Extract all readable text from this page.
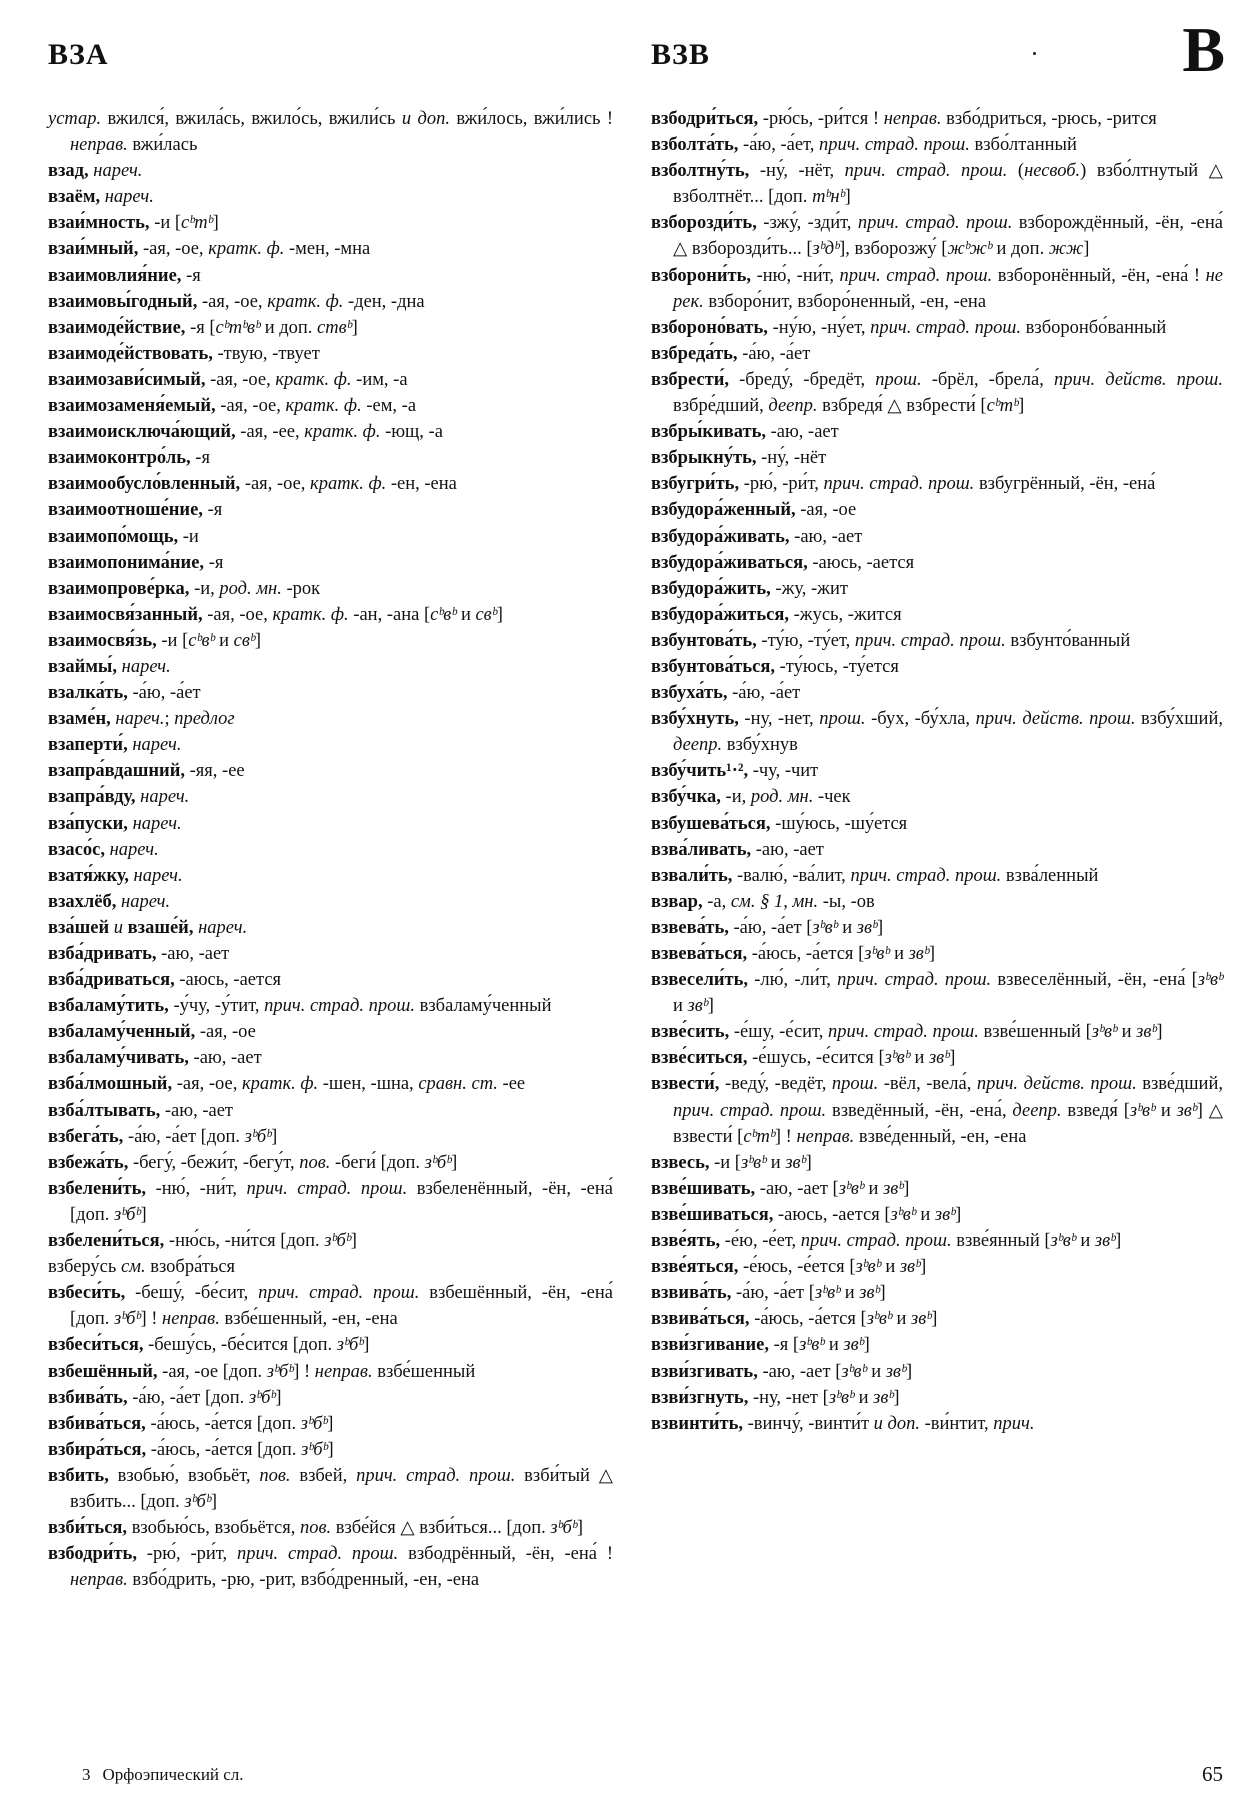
ВЗА	ВЗВ	В
устар. вжился́, вжила́сь, вжило́сь, вжили́сь и доп. вжи́лось, вжи́лись ! неправ. вжи́лась
взад, нареч.
взаём, нареч.
взаи́мность, -и [сᵇтᵇ]
взаи́мный, -ая, -ое, кратк. ф. -мен, -мна
взаимовлия́ние, -я
взаимовы́годный, -ая, -ое, кратк. ф. -ден, -дна
взаимоде́йствие, -я [сᵇтᵇвᵇ и доп. ствᵇ]
взаимоде́йствовать, -твую, -твует
взаимозави́симый, -ая, -ое, кратк. ф. -им, -а
взаимозаменя́емый, -ая, -ое, кратк. ф. -ем, -а
взаимоисключа́ющий, -ая, -ее, кратк. ф. -ющ, -а
взаимоконтро́ль, -я
взаимообусло́вленный, -ая, -ое, кратк. ф. -ен, -ена
взаимоотноше́ние, -я
взаимопо́мощь, -и
взаимопонима́ние, -я
взаимопрове́рка, -и, род. мн. -рок
взаимосвя́занный, -ая, -ое, кратк. ф. -ан, -ана [сᵇвᵇ и свᵇ]
взаимосвя́зь, -и [сᵇвᵇ и свᵇ]
взаймы́, нареч.
взалка́ть, -а́ю, -а́ет
взаме́н, нареч.; предлог
взаперти́, нареч.
взапра́вдашний, -яя, -ее
взапра́вду, нареч.
вза́пуски, нареч.
взасо́с, нареч.
взатя́жку, нареч.
взахлёб, нареч.
вза́шей и взаше́й, нареч.
взба́дривать, -аю, -ает
взба́дриваться, -аюсь, -ается
взбаламу́тить, -у́чу, -у́тит, прич. страд. прош. взбаламу́ченный
взбаламу́ченный, -ая, -ое
взбаламу́чивать, -аю, -ает
взба́лмошный, -ая, -ое, кратк. ф. -шен, -шна, сравн. ст. -ее
взба́лтывать, -аю, -ает
взбега́ть, -а́ю, -а́ет [доп. зᵇбᵇ]
взбежа́ть, -бегу́, -бежи́т, -бегу́т, пов. -беги́ [доп. зᵇбᵇ]
взбелени́ть, -ню́, -ни́т, прич. страд. прош. взбеленённый, -ён, -ена́ [доп. зᵇбᵇ]
взбелени́ться, -ню́сь, -ни́тся [доп. зᵇбᵇ]
взберу́сь см. взобра́ться
взбеси́ть, -бешу́, -бе́сит, прич. страд. прош. взбешённый, -ён, -ена́ [доп. зᵇбᵇ] ! неправ. взбе́шенный, -ен, -ена
взбеси́ться, -бешу́сь, -бе́сится [доп. зᵇбᵇ]
взбешённый, -ая, -ое [доп. зᵇбᵇ] ! неправ. взбе́шенный
взбива́ть, -а́ю, -а́ет [доп. зᵇбᵇ]
взбива́ться, -а́юсь, -а́ется [доп. зᵇбᵇ]
взбира́ться, -а́юсь, -а́ется [доп. зᵇбᵇ]
взбить, взобью́, взобьёт, пов. взбей, прич. страд. прош. взби́тый △ взбить... [доп. зᵇбᵇ]
взби́ться, взобью́сь, взобьётся, пов. взбе́йся △ взби́ться... [доп. зᵇбᵇ]
взбодри́ть, -рю́, -ри́т, прич. страд. прош. взбодрённый, -ён, -ена́ ! неправ. взбо́дрить, -рю, -рит, взбо́дренный, -ен, -ена
взбодри́ться, -рю́сь, -ри́тся ! неправ. взбо́дриться, -рюсь, -рится
взболта́ть, -а́ю, -а́ет, прич. страд. прош. взбо́лтанный
взболтну́ть, -ну́, -нёт, прич. страд. прош. (несвоб.) взбо́лтнутый △ взболтнёт... [доп. тᵇнᵇ]
взборозди́ть, -зжу́, -зди́т, прич. страд. прош. взборождённый, -ён, -ена́ △ взборозди́ть... [зᵇдᵇ], взборозжу́ [жᵇжᵇ и доп. жж]
взборони́ть, -ню́, -ни́т, прич. страд. прош. взборонённый, -ён, -ена́ ! не рек. взборо́нит, взборо́ненный, -ен, -ена
взбороно́вать, -ну́ю, -ну́ет, прич. страд. прош. взборонбо́ванный
взбреда́ть, -а́ю, -а́ет
взбрести́, -бреду́, -бредёт, прош. -брёл, -брела́, прич. действ. прош. взбре́дший, деепр. взбредя́ △ взбрести́ [сᵇтᵇ]
взбры́кивать, -аю, -ает
взбрыкну́ть, -ну́, -нёт
взбугри́ть, -рю́, -ри́т, прич. страд. прош. взбугрённый, -ён, -ена́
взбудора́женный, -ая, -ое
взбудора́живать, -аю, -ает
взбудора́живаться, -аюсь, -ается
взбудора́жить, -жу, -жит
взбудора́житься, -жусь, -жится
взбунтова́ть, -ту́ю, -ту́ет, прич. страд. прош. взбунто́ванный
взбунтова́ться, -ту́юсь, -ту́ется
взбуха́ть, -а́ю, -а́ет
взбу́хнуть, -ну, -нет, прош. -бух, -бу́хла, прич. действ. прош. взбу́хший, деепр. взбу́хнув
взбу́чить¹·², -чу, -чит
взбу́чка, -и, род. мн. -чек
взбушева́ться, -шу́юсь, -шу́ется
взва́ливать, -аю, -ает
взвали́ть, -валю́, -ва́лит, прич. страд. прош. взва́ленный
взвар, -а, см. § 1, мн. -ы, -ов
взвева́ть, -а́ю, -а́ет [зᵇвᵇ и звᵇ]
взвева́ться, -а́юсь, -а́ется [зᵇвᵇ и звᵇ]
взвесели́ть, -лю́, -ли́т, прич. страд. прош. взвеселённый, -ён, -ена́ [зᵇвᵇ и звᵇ]
взве́сить, -е́шу, -е́сит, прич. страд. прош. взве́шенный [зᵇвᵇ и звᵇ]
взве́ситься, -е́шусь, -е́сится [зᵇвᵇ и звᵇ]
взвести́, -веду́, -ведёт, прош. -вёл, -вела́, прич. действ. прош. взве́дший, прич. страд. прош. взведённый, -ён, -ена́, деепр. взведя́ [зᵇвᵇ и звᵇ] △ взвести́ [сᵇтᵇ] ! неправ. взве́денный, -ен, -ена
взвесь, -и [зᵇвᵇ и звᵇ]
взве́шивать, -аю, -ает [зᵇвᵇ и звᵇ]
взве́шиваться, -аюсь, -ается [зᵇвᵇ и звᵇ]
взве́ять, -е́ю, -е́ет, прич. страд. прош. взве́янный [зᵇвᵇ и звᵇ]
взве́яться, -е́юсь, -е́ется [зᵇвᵇ и звᵇ]
взвива́ть, -а́ю, -а́ет [зᵇвᵇ и звᵇ]
взвива́ться, -а́юсь, -а́ется [зᵇвᵇ и звᵇ]
взви́згивание, -я [зᵇвᵇ и звᵇ]
взви́згивать, -аю, -ает [зᵇвᵇ и звᵇ]
взви́згнуть, -ну, -нет [зᵇвᵇ и звᵇ]
взвинти́ть, -винчу́, -винти́т и доп. -ви́нтит, прич.
3 Орфоэпический сл.	65
